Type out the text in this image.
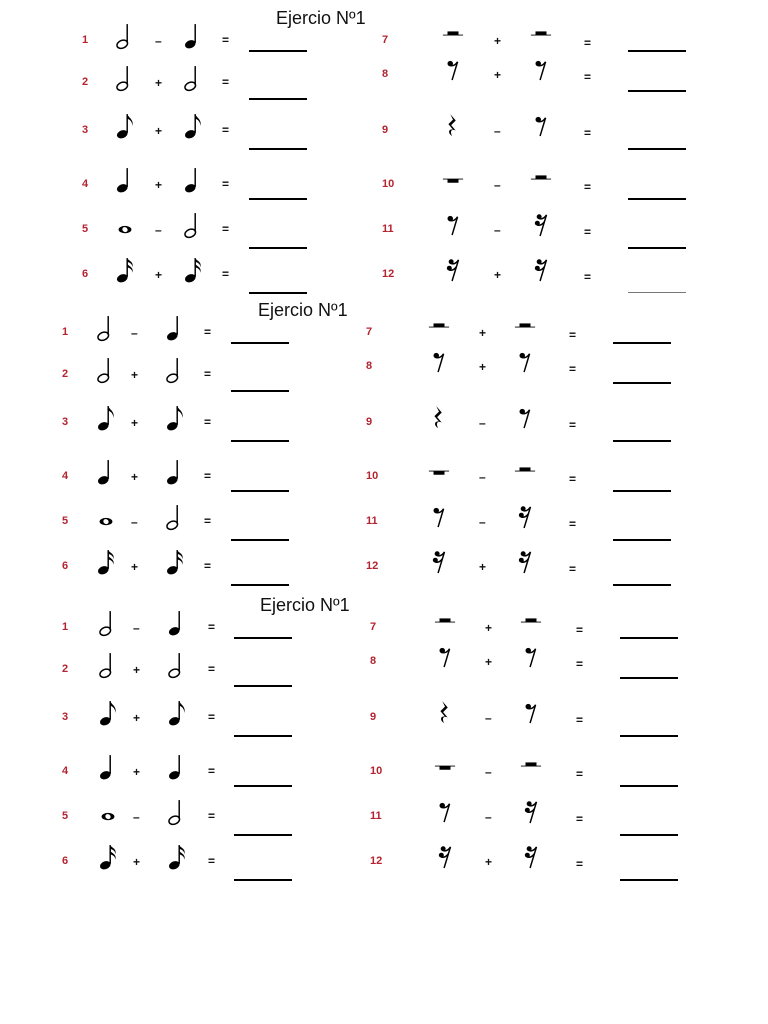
Ejercio Nº1
1	–	=
2	+	=
3	+	=
4	+	=
5	–	=
6	+	=
7	+	=
8	+	=
9	–	=
10	–	=
11	–	=
12	+	=
Ejercio Nº1
1	–	=
2	+	=
3	+	=
4	+	=
5	–	=
6	+	=
7	+	=
8	+	=
9	–	=
10	–	=
11	–	=
12	+	=
Ejercio Nº1
1	–	=
2	+	=
3	+	=
4	+	=
5	–	=
6	+	=
7	+	=
8	+	=
9	–	=
10	–	=
11	–	=
12	+	=
